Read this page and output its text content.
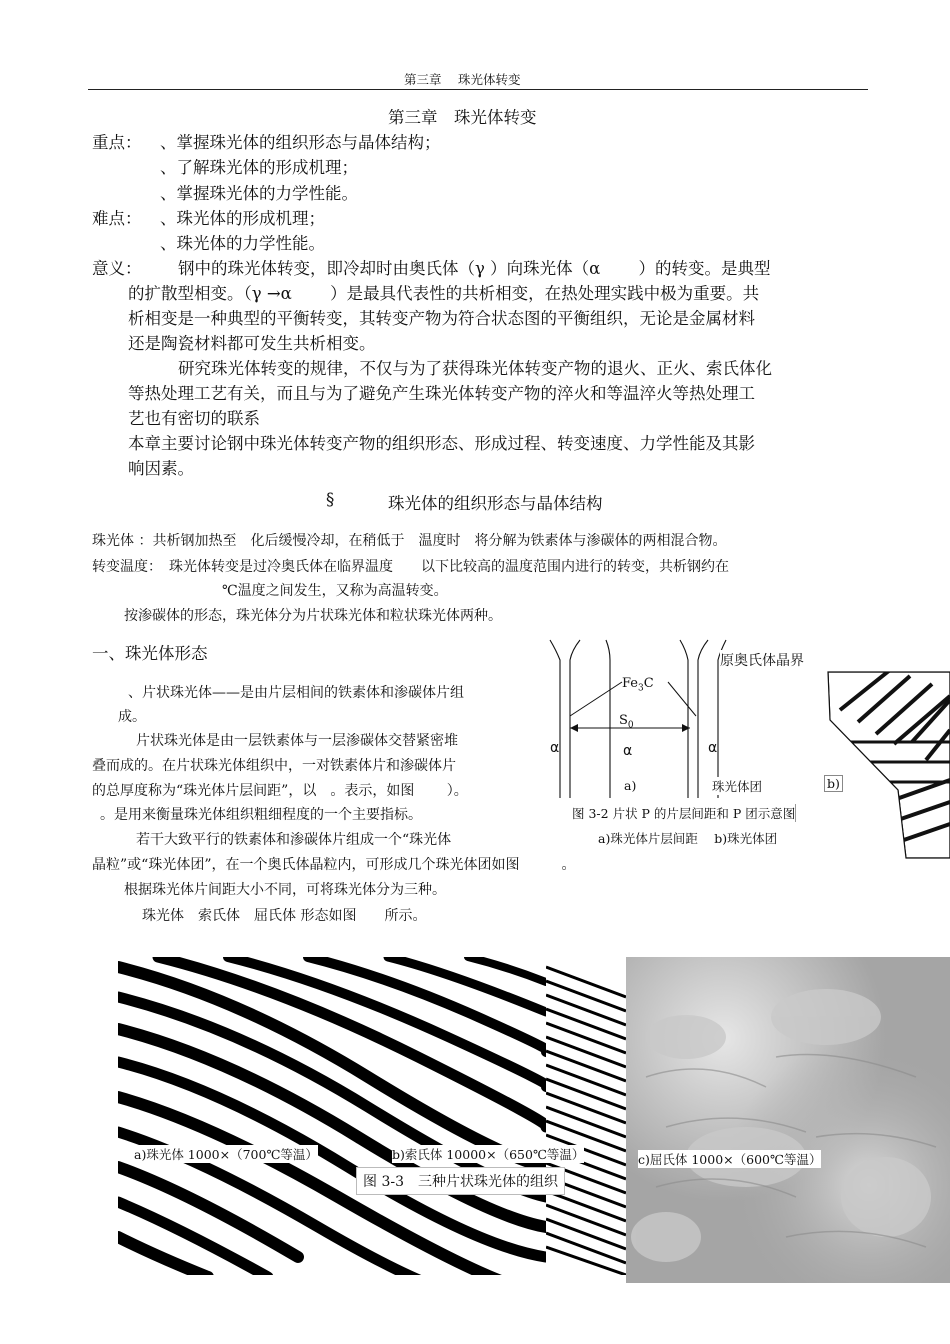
第三章　 珠光体转变
第三章　珠光体转变
重点： 、掌握珠光体的组织形态与晶体结构；
、了解珠光体的形成机理；
、掌握珠光体的力学性能。
难点： 、珠光体的形成机理；
、珠光体的力学性能。
意义： 钢中的珠光体转变，即冷却时由奥氏体（γ ）向珠光体（α　　 ）的转变。是典型
的扩散型相变。（γ →α　　 ）是最具代表性的共析相变，在热处理实践中极为重要。共
析相变是一种典型的平衡转变，其转变产物为符合状态图的平衡组织，无论是金属材料
还是陶瓷材料都可发生共析相变。
研究珠光体转变的规律，不仅与为了获得珠光体转变产物的退火、正火、索氏体化
等热处理工艺有关，而且与为了避免产生珠光体转变产物的淬火和等温淬火等热处理工
艺也有密切的联系
本章主要讨论钢中珠光体转变产物的组织形态、形成过程、转变速度、力学性能及其影
响因素。
§	珠光体的组织形态与晶体结构
珠光体 ：共析钢加热至　化后缓慢冷却，在稍低于　温度时　将分解为铁素体与渗碳体的两相混合物。
转变温度：　珠光体转变是过冷奥氏体在临界温度　　以下比较高的温度范围内进行的转变，共析钢约在
℃温度之间发生，又称为高温转变。
按渗碳体的形态，珠光体分为片状珠光体和粒状珠光体两种。
一、珠光体形态
、片状珠光体——是由片层相间的铁素体和渗碳体片组
成。
片状珠光体是由一层铁素体与一层渗碳体交替紧密堆
叠而成的。在片状珠光体组织中，一对铁素体片和渗碳体片
的总厚度称为“珠光体片层间距”，以　。表示，如图　　 ）。
。是用来衡量珠光体组织粗细程度的一个主要指标。
若干大致平行的铁素体和渗碳体片组成一个“珠光体
晶粒”或“珠光体团”，在一个奥氏体晶粒内，可形成几个珠光体团如图　　　。
根据珠光体片间距大小不同，可将珠光体分为三种。
珠光体　索氏体　屈氏体 形态如图　　所示。
原奥氏体晶界
$Fe_3C$
$S_0$
α	α	α
a)	珠光体团	b)
图 3-2 片状 P 的片层间距和 P 团示意图
a)珠光体片层间距　 b)珠光体团
a)珠光体 1000×（700℃等温）	b)索氏体 10000×（650℃等温）	c)屈氏体 1000×（600℃等温）
图 3-3　三种片状珠光体的组织
